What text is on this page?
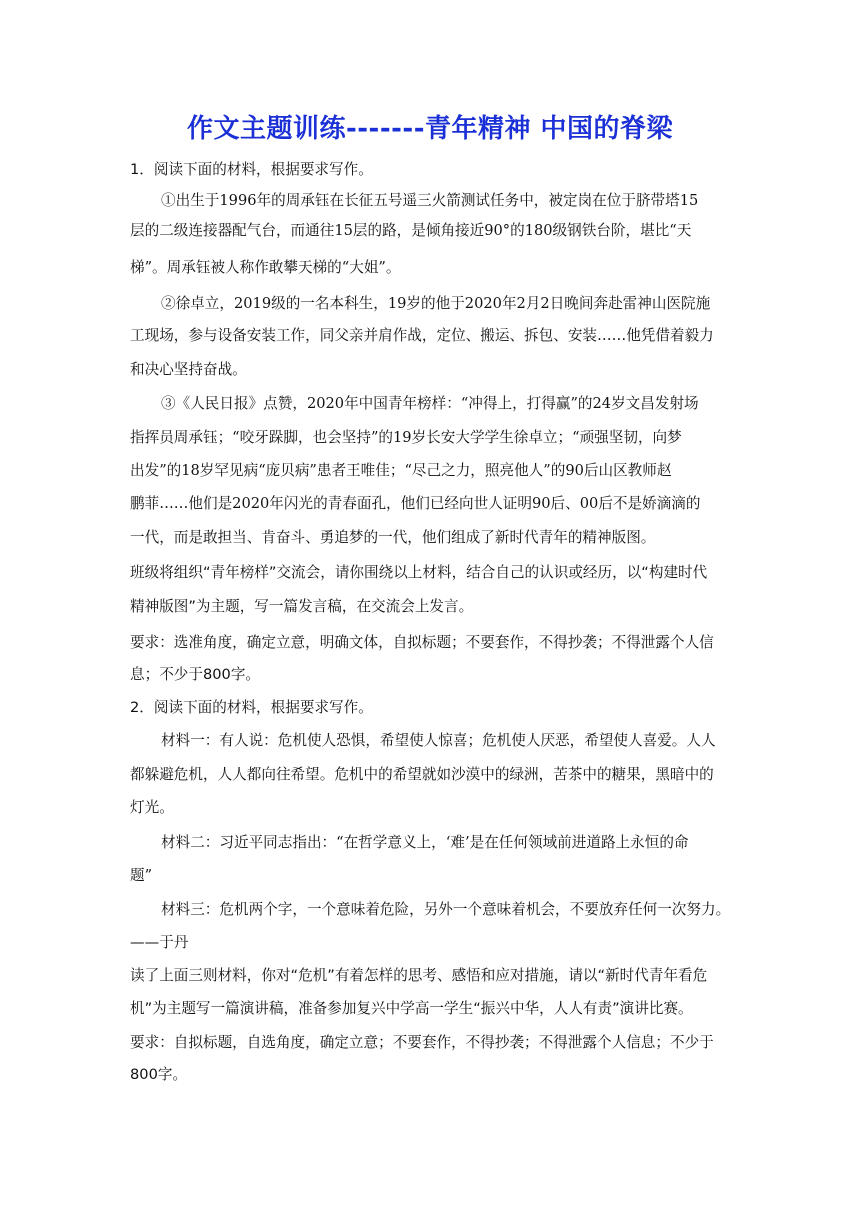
作文主题训练-------青年精神 中国的脊梁
1．阅读下面的材料，根据要求写作。
①出生于1996年的周承钰在长征五号遥三火箭测试任务中，被定岗在位于脐带塔15
层的二级连接器配气台，而通往15层的路，是倾角接近90°的180级钢铁台阶，堪比“天
梯”。周承钰被人称作敢攀天梯的“大姐”。
②徐卓立，2019级的一名本科生，19岁的他于2020年2月2日晚间奔赴雷神山医院施
工现场，参与设备安装工作，同父亲并肩作战，定位、搬运、拆包、安装……他凭借着毅力
和决心坚持奋战。
③《人民日报》点赞，2020年中国青年榜样：“冲得上，打得赢”的24岁文昌发射场
指挥员周承钰；“咬牙跺脚，也会坚持”的19岁长安大学学生徐卓立；“顽强坚韧，向梦
出发”的18岁罕见病“庞贝病”患者王唯佳；“尽己之力，照亮他人”的90后山区教师赵
鹏菲……他们是2020年闪光的青春面孔，他们已经向世人证明90后、00后不是娇滴滴的
一代，而是敢担当、肯奋斗、勇追梦的一代，他们组成了新时代青年的精神版图。
班级将组织“青年榜样”交流会，请你围绕以上材料，结合自己的认识或经历，以“构建时代
精神版图”为主题，写一篇发言稿，在交流会上发言。
要求：选准角度，确定立意，明确文体，自拟标题；不要套作，不得抄袭；不得泄露个人信
息；不少于800字。
2．阅读下面的材料，根据要求写作。
材料一：有人说：危机使人恐惧，希望使人惊喜；危机使人厌恶，希望使人喜爱。人人
都躲避危机，人人都向往希望。危机中的希望就如沙漠中的绿洲，苦茶中的糖果，黑暗中的
灯光。
材料二：习近平同志指出：“在哲学意义上，‘难’是在任何领域前进道路上永恒的命
题”
材料三：危机两个字，一个意味着危险，另外一个意味着机会，不要放弃任何一次努力。
——于丹
读了上面三则材料，你对“危机”有着怎样的思考、感悟和应对措施，请以“新时代青年看危
机”为主题写一篇演讲稿，准备参加复兴中学高一学生“振兴中华，人人有责”演讲比赛。
要求：自拟标题，自选角度，确定立意；不要套作，不得抄袭；不得泄露个人信息；不少于
800字。
